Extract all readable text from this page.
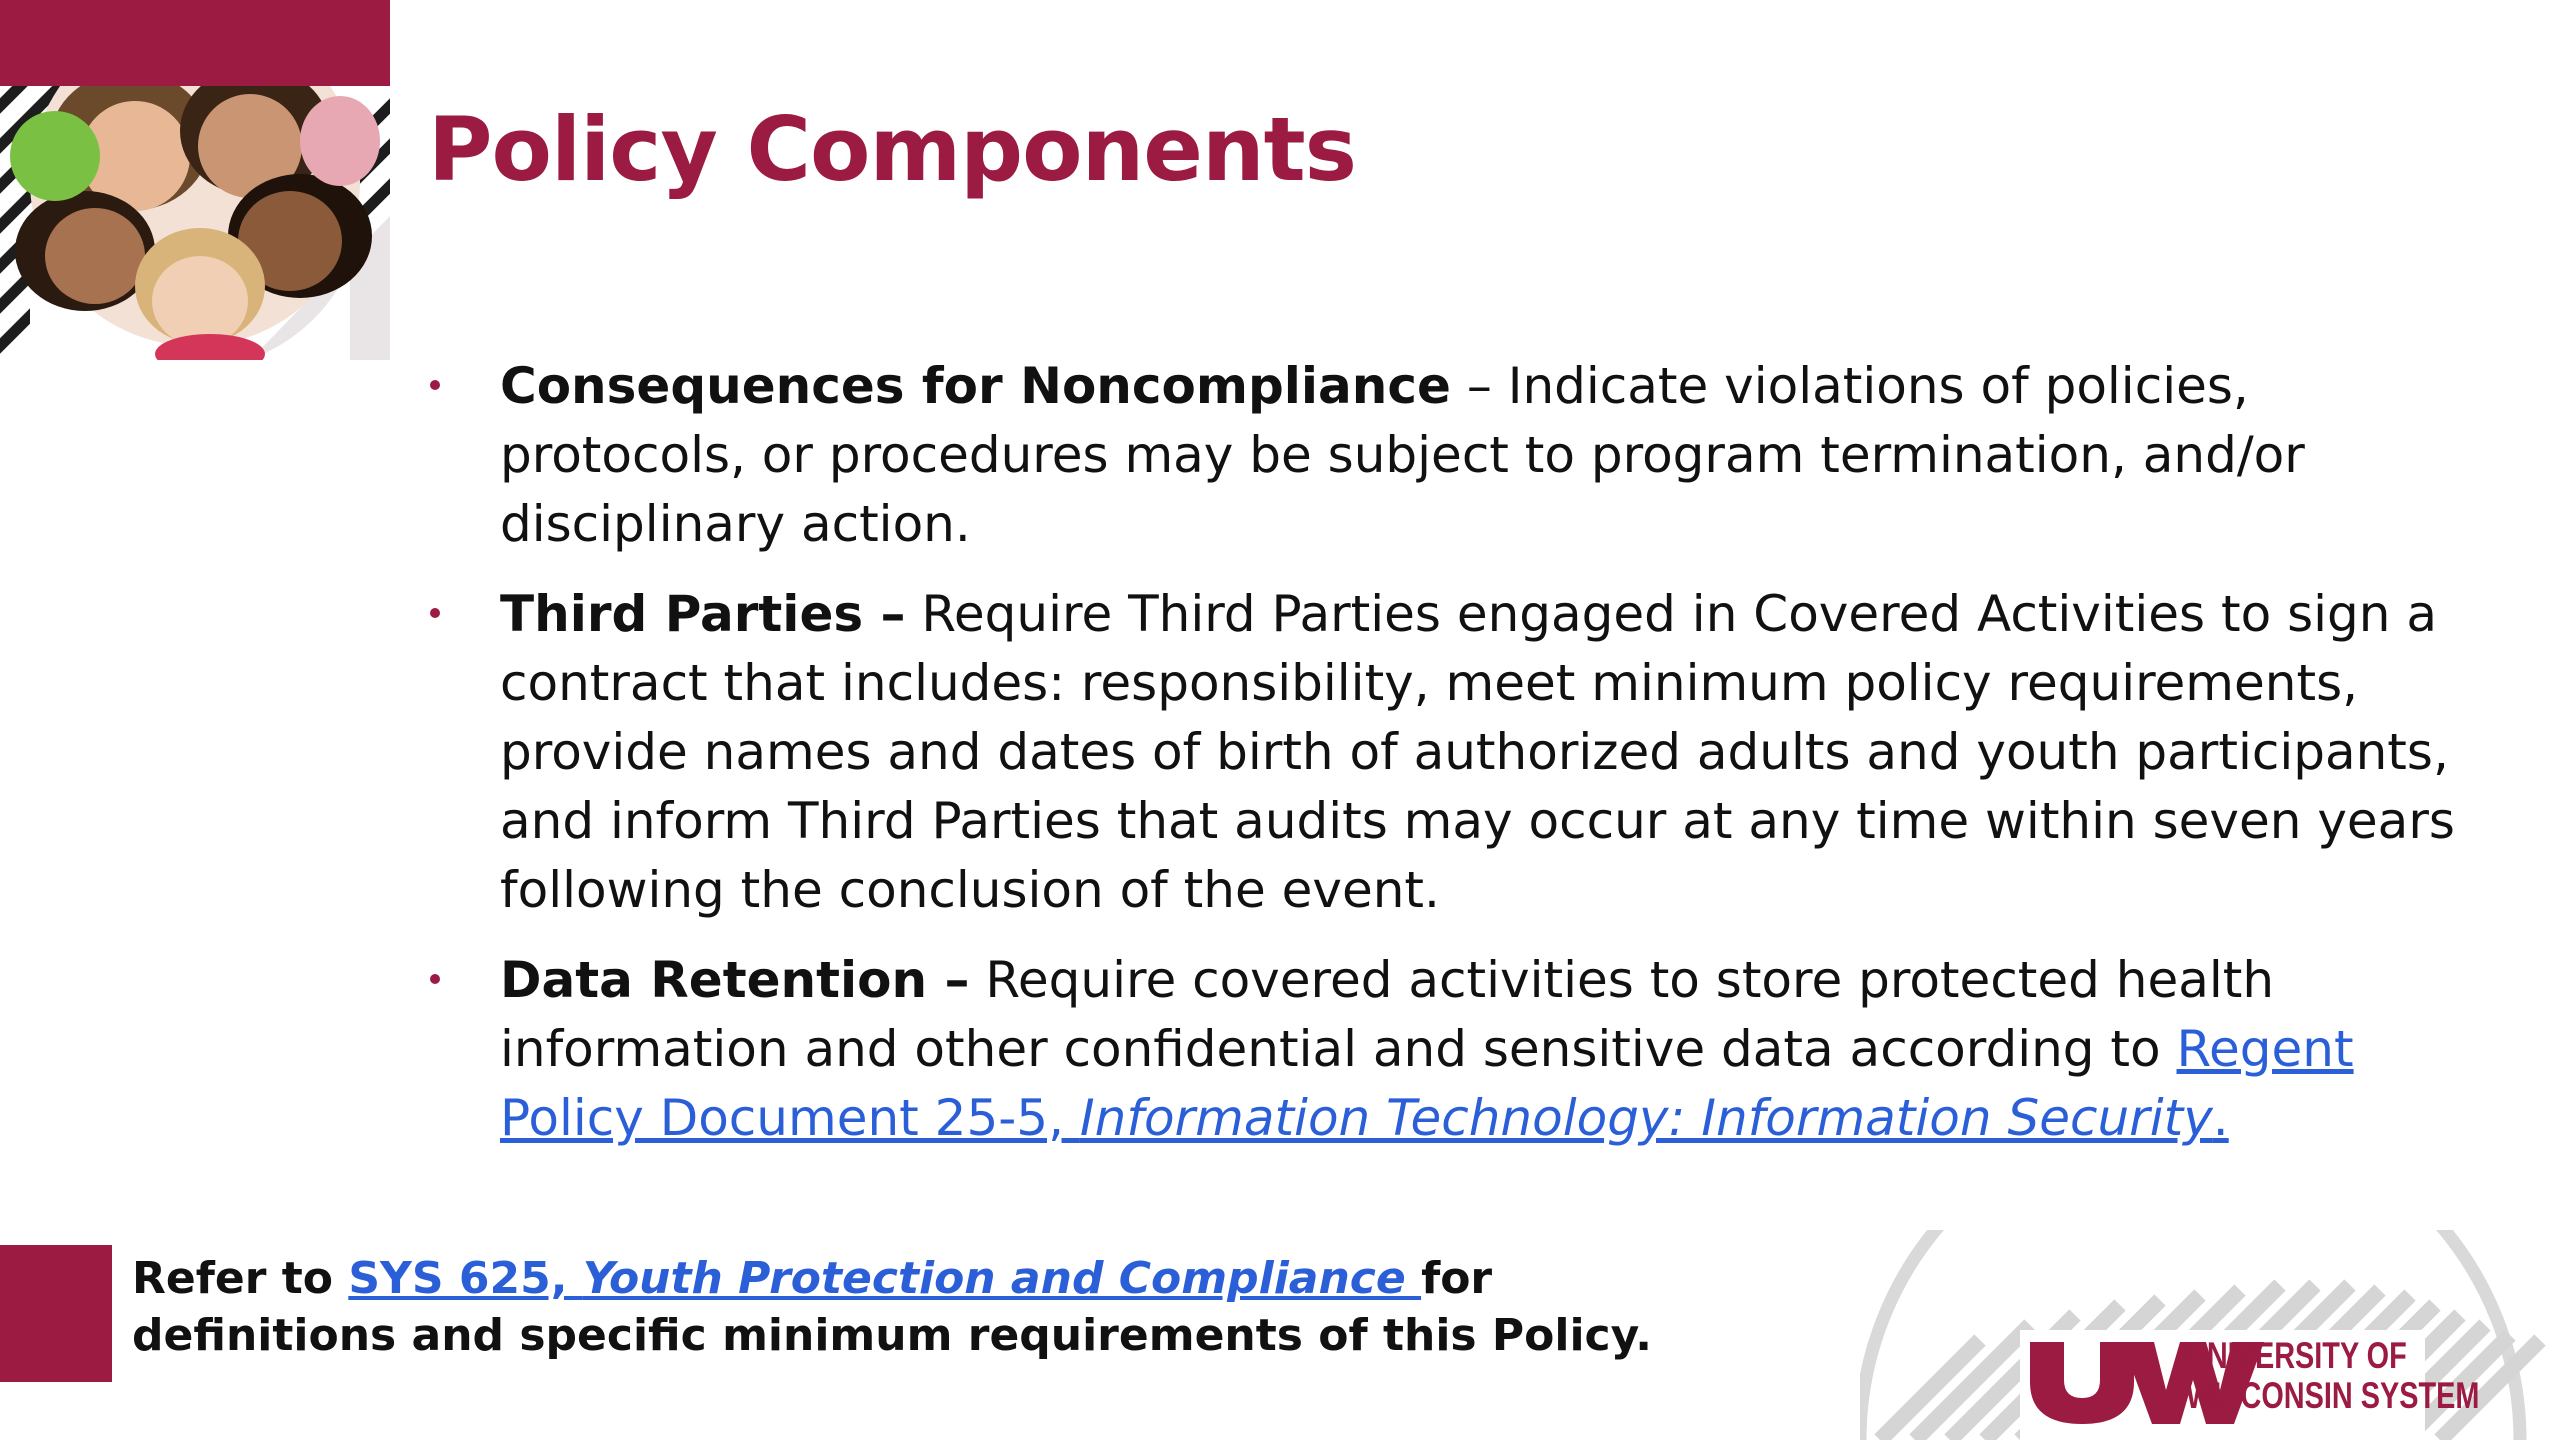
Policy Components
Consequences for Noncompliance – Indicate violations of policies, protocols, or procedures may be subject to program termination, and/or disciplinary action.
Third Parties – Require Third Parties engaged in Covered Activities to sign a contract that includes: responsibility, meet minimum policy requirements, provide names and dates of birth of authorized adults and youth participants, and inform Third Parties that audits may occur at any time within seven years following the conclusion of the event.
Data Retention – Require covered activities to store protected health information and other confidential and sensitive data according to Regent Policy Document 25-5, Information Technology: Information Security.
Refer to SYS 625, Youth Protection and Compliance for definitions and specific minimum requirements of this Policy.	UNIVERSITY OF
WISCONSIN SYSTEM
